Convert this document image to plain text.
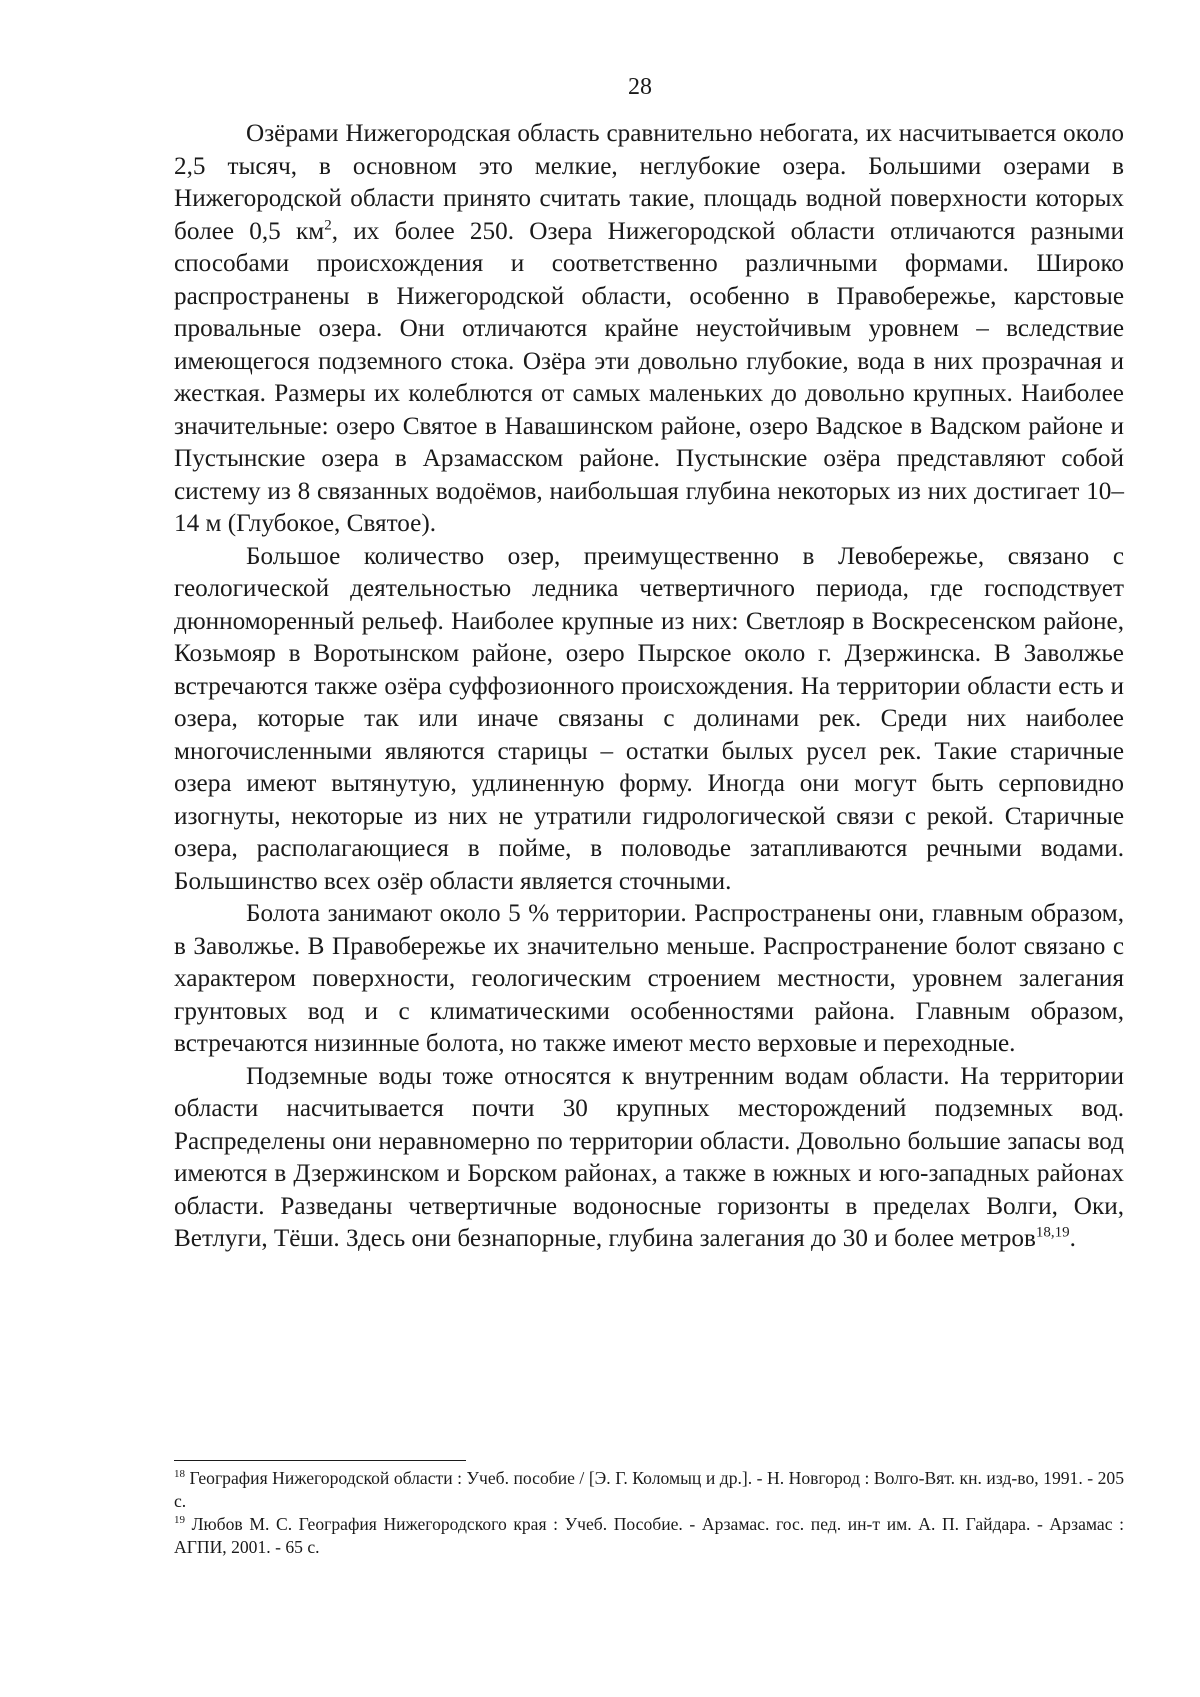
28

Озёрами Нижегородская область сравнительно небогата, их насчитывается около 2,5 тысяч, в основном это мелкие, неглубокие озера. Большими озерами в Нижегородской области принято считать такие, площадь водной поверхности которых более 0,5 $км^2$, их более 250. Озера Нижегородской области отличаются разными способами происхождения и соответственно различными формами. Широко распространены в Нижегородской области, особенно в Правобережье, карстовые провальные озера. Они отличаются крайне неустойчивым уровнем – вследствие имеющегося подземного стока. Озёра эти довольно глубокие, вода в них прозрачная и жесткая. Размеры их колеблются от самых маленьких до довольно крупных. Наиболее значительные: озеро Святое в Навашинском районе, озеро Вадское в Вадском районе и Пустынские озера в Арзамасском районе. Пустынские озёра представляют собой систему из 8 связанных водоёмов, наибольшая глубина некоторых из них достигает 10–14 м (Глубокое, Святое).

Большое количество озер, преимущественно в Левобережье, связано с геологической деятельностью ледника четвертичного периода, где господствует дюнноморенный рельеф. Наиболее крупные из них: Светлояр в Воскресенском районе, Козьмояр в Воротынском районе, озеро Пырское около г. Дзержинска. В Заволжье встречаются также озёра суффозионного происхождения. На территории области есть и озера, которые так или иначе связаны с долинами рек. Среди них наиболее многочисленными являются старицы – остатки былых русел рек. Такие старичные озера имеют вытянутую, удлиненную форму. Иногда они могут быть серповидно изогнуты, некоторые из них не утратили гидрологической связи с рекой. Старичные озера, располагающиеся в пойме, в половодье затапливаются речными водами. Большинство всех озёр области является сточными.

Болота занимают около 5 % территории. Распространены они, главным образом, в Заволжье. В Правобережье их значительно меньше. Распространение болот связано с характером поверхности, геологическим строением местности, уровнем залегания грунтовых вод и с климатическими особенностями района. Главным образом, встречаются низинные болота, но также имеют место верховые и переходные.

Подземные воды тоже относятся к внутренним водам области. На территории области насчитывается почти 30 крупных месторождений подземных вод. Распределены они неравномерно по территории области. Довольно большие запасы вод имеются в Дзержинском и Борском районах, а также в южных и юго-западных районах области. Разведаны четвертичные водоносные горизонты в пределах Волги, Оки, Ветлуги, Тёши. Здесь они безнапорные, глубина залегания до 30 и более метров$^{18,19}$.

$^{18}$ География Нижегородской области : Учеб. пособие / [Э. Г. Коломыц и др.]. - Н. Новгород : Волго-Вят. кн. изд-во, 1991. - 205 с.

$^{19}$ Любов М. С. География Нижегородского края : Учеб. Пособие. - Арзамас. гос. пед. ин-т им. А. П. Гайдара. - Арзамас : АГПИ, 2001. - 65 с.
